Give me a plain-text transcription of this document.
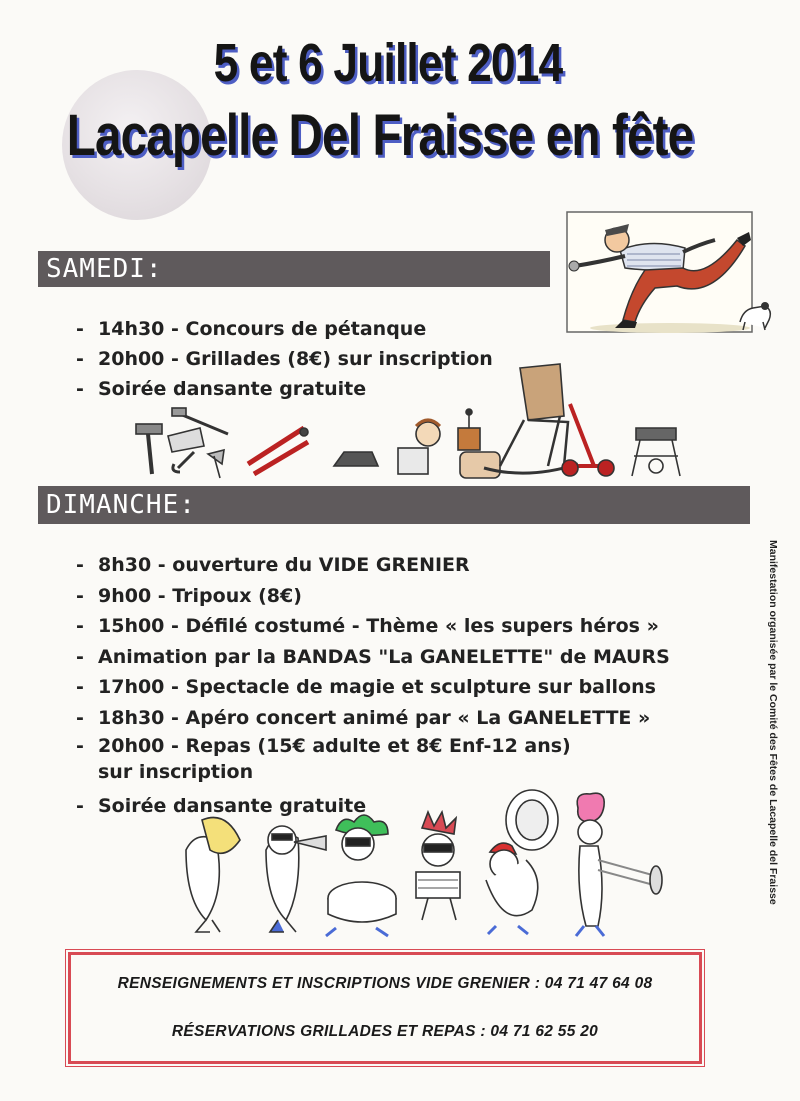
5 et 6 Juillet 2014
Lacapelle Del Fraisse en fête
SAMEDI:
- 14h30 - Concours de pétanque
- 20h00 - Grillades (8€) sur inscription
- Soirée dansante gratuite
DIMANCHE:
- 8h30 - ouverture du VIDE GRENIER
- 9h00 - Tripoux (8€)
- 15h00 - Défilé costumé - Thème « les supers héros »
- Animation par la BANDAS "La GANELETTE" de MAURS
- 17h00 - Spectacle de magie et sculpture sur ballons
- 18h30 - Apéro concert animé par « La GANELETTE »
- 20h00 - Repas (15€ adulte et 8€ Enf-12 ans) sur inscription
- Soirée dansante gratuite	Manifestation organisée par le Comité des Fêtes de Lacapelle del Fraisse

RENSEIGNEMENTS ET INSCRIPTIONS VIDE GRENIER : 04 71 47 64 08

RÉSERVATIONS GRILLADES ET REPAS : 04 71 62 55 20
